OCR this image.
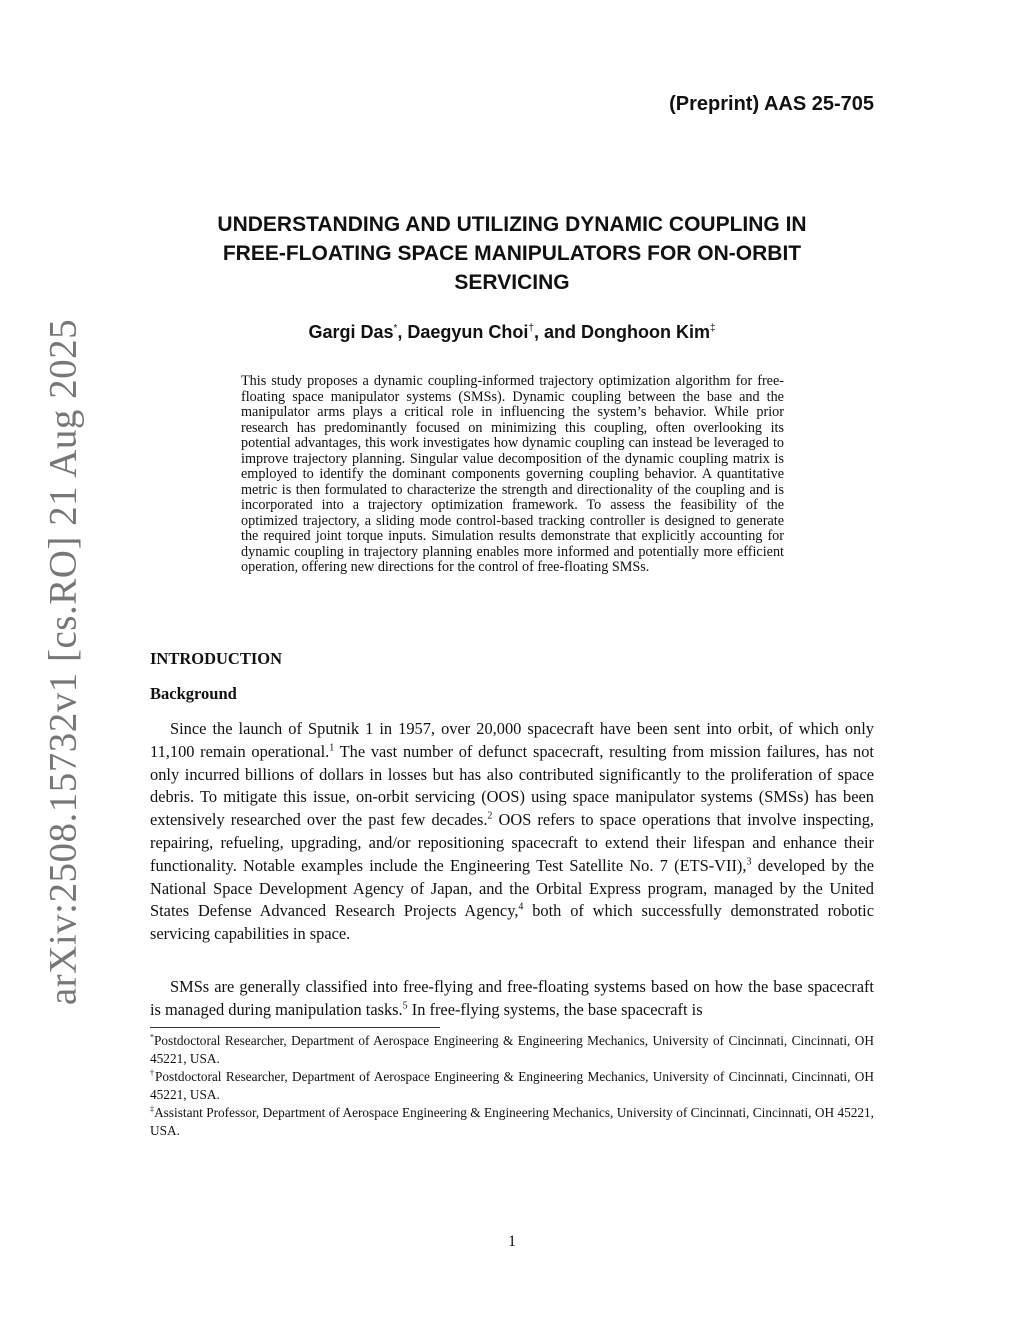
(Preprint) AAS 25-705
arXiv:2508.15732v1 [cs.RO] 21 Aug 2025
UNDERSTANDING AND UTILIZING DYNAMIC COUPLING IN
FREE-FLOATING SPACE MANIPULATORS FOR ON-ORBIT
SERVICING
Gargi Das*, Daegyun Choi†, and Donghoon Kim‡

This study proposes a dynamic coupling-informed trajectory optimization algorithm for free-floating space manipulator systems (SMSs). Dynamic coupling between the base and the manipulator arms plays a critical role in influencing the system’s behavior. While prior research has predominantly focused on minimizing this coupling, often overlooking its potential advantages, this work investigates how dynamic coupling can instead be leveraged to improve trajectory planning. Singular value decomposition of the dynamic coupling matrix is employed to identify the dominant components governing coupling behavior. A quantitative metric is then formulated to characterize the strength and directionality of the coupling and is incorporated into a trajectory optimization framework. To assess the feasibility of the optimized trajectory, a sliding mode control-based tracking controller is designed to generate the required joint torque inputs. Simulation results demonstrate that explicitly accounting for dynamic coupling in trajectory planning enables more informed and potentially more efficient operation, offering new directions for the control of free-floating SMSs.

INTRODUCTION
Background

Since the launch of Sputnik 1 in 1957, over 20,000 spacecraft have been sent into orbit, of which only 11,100 remain operational.$^1$ The vast number of defunct spacecraft, resulting from mission failures, has not only incurred billions of dollars in losses but has also contributed significantly to the proliferation of space debris. To mitigate this issue, on-orbit servicing (OOS) using space manipulator systems (SMSs) has been extensively researched over the past few decades.$^2$ OOS refers to space operations that involve inspecting, repairing, refueling, upgrading, and/or repositioning spacecraft to extend their lifespan and enhance their functionality. Notable examples include the Engineering Test Satellite No. 7 (ETS-VII),$^3$ developed by the National Space Development Agency of Japan, and the Orbital Express program, managed by the United States Defense Advanced Research Projects Agency,$^4$ both of which successfully demonstrated robotic servicing capabilities in space.

SMSs are generally classified into free-flying and free-floating systems based on how the base spacecraft is managed during manipulation tasks.$^5$ In free-flying systems, the base spacecraft is

*Postdoctoral Researcher, Department of Aerospace Engineering & Engineering Mechanics, University of Cincinnati, Cincinnati, OH 45221, USA.

†Postdoctoral Researcher, Department of Aerospace Engineering & Engineering Mechanics, University of Cincinnati, Cincinnati, OH 45221, USA.

‡Assistant Professor, Department of Aerospace Engineering & Engineering Mechanics, University of Cincinnati, Cincinnati, OH 45221, USA.

1
